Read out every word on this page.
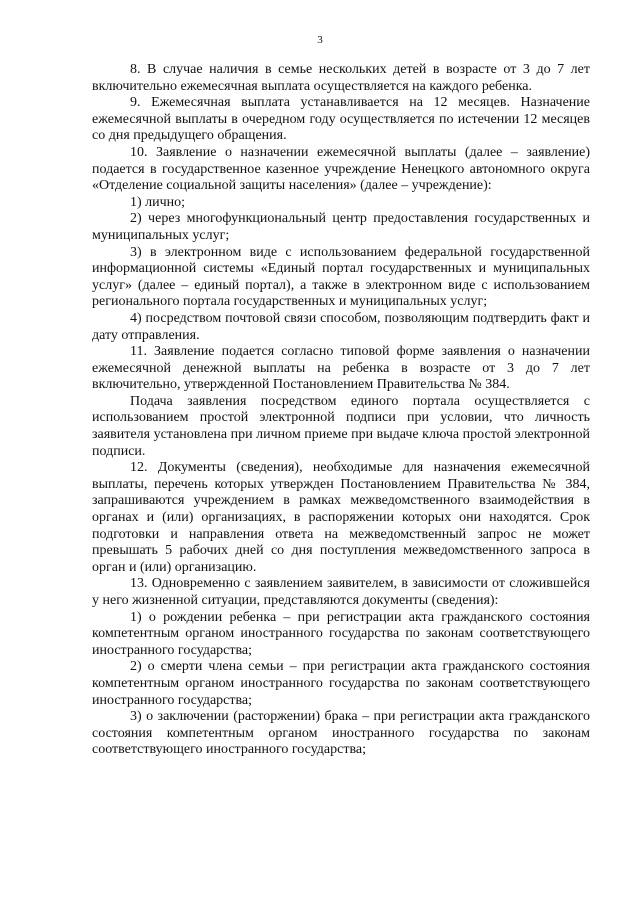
3

8. В случае наличия в семье нескольких детей в возрасте от 3 до 7 лет включительно ежемесячная выплата осуществляется на каждого ребенка.

9. Ежемесячная выплата устанавливается на 12 месяцев. Назначение ежемесячной выплаты в очередном году осуществляется по истечении 12 месяцев со дня предыдущего обращения.

10. Заявление о назначении ежемесячной выплаты (далее – заявление) подается в государственное казенное учреждение Ненецкого автономного округа «Отделение социальной защиты населения» (далее – учреждение):

1) лично;

2) через многофункциональный центр предоставления государственных и муниципальных услуг;

3) в электронном виде с использованием федеральной государственной информационной системы «Единый портал государственных и муниципальных услуг» (далее – единый портал), а также в электронном виде с использованием регионального портала государственных и муниципальных услуг;

4) посредством почтовой связи способом, позволяющим подтвердить факт и дату отправления.

11. Заявление подается согласно типовой форме заявления о назначении ежемесячной денежной выплаты на ребенка в возрасте от 3 до 7 лет включительно, утвержденной Постановлением Правительства № 384.

Подача заявления посредством единого портала осуществляется с использованием простой электронной подписи при условии, что личность заявителя установлена при личном приеме при выдаче ключа простой электронной подписи.

12. Документы (сведения), необходимые для назначения ежемесячной выплаты, перечень которых утвержден Постановлением Правительства № 384, запрашиваются учреждением в рамках межведомственного взаимодействия в органах и (или) организациях, в распоряжении которых они находятся. Срок подготовки и направления ответа на межведомственный запрос не может превышать 5 рабочих дней со дня поступления межведомственного запроса в орган и (или) организацию.

13. Одновременно с заявлением заявителем, в зависимости от сложившейся у него жизненной ситуации, представляются документы (сведения):

1) о рождении ребенка – при регистрации акта гражданского состояния компетентным органом иностранного государства по законам соответствующего иностранного государства;

2) о смерти члена семьи – при регистрации акта гражданского состояния компетентным органом иностранного государства по законам соответствующего иностранного государства;

3) о заключении (расторжении) брака – при регистрации акта гражданского состояния компетентным органом иностранного государства по законам соответствующего иностранного государства;
